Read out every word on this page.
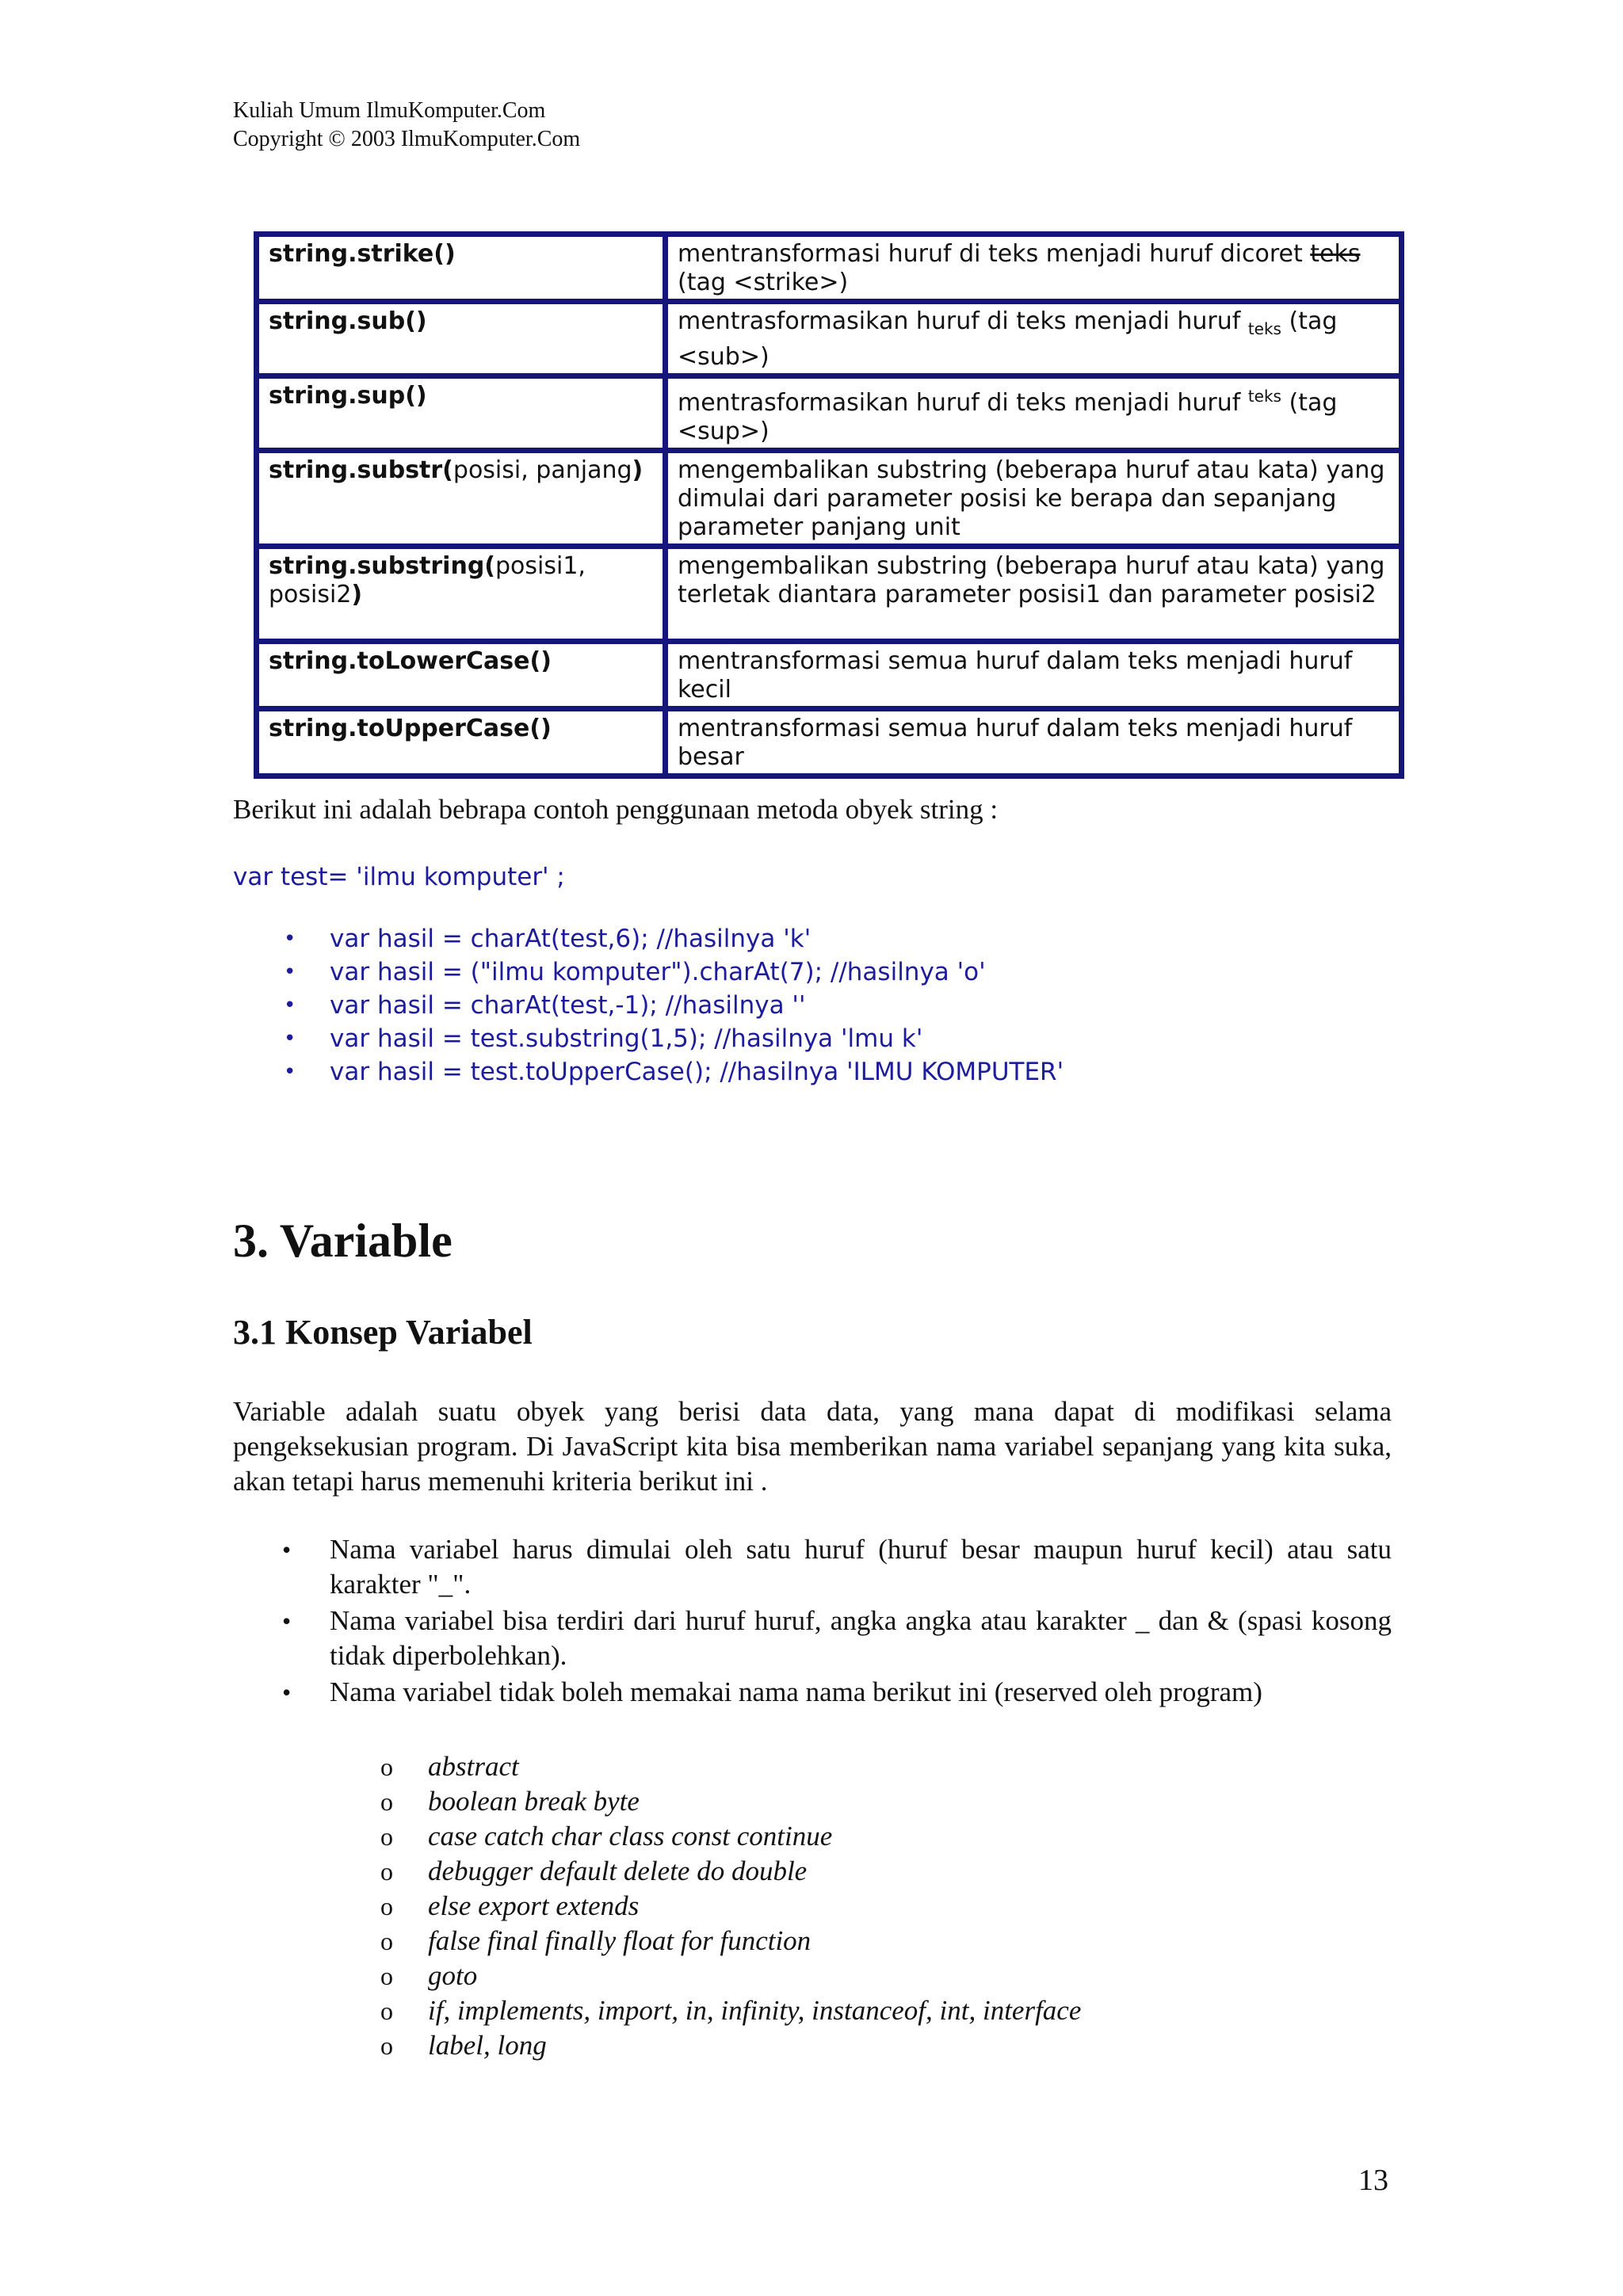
Kuliah Umum IlmuKomputer.Com
Copyright © 2003 IlmuKomputer.Com
string.strike()	mentransformasi huruf di teks menjadi huruf dicoret teks (tag <strike>)
string.sub()	mentrasformasikan huruf di teks menjadi huruf $_{teks}$ (tag <sub>)
string.sup()	mentrasformasikan huruf di teks menjadi huruf $^{teks}$ (tag <sup>)
string.substr(posisi, panjang)	mengembalikan substring (beberapa huruf atau kata) yang dimulai dari parameter posisi ke berapa dan sepanjang parameter panjang unit
string.substring(posisi1, posisi2)	mengembalikan substring (beberapa huruf atau kata) yang terletak diantara parameter posisi1 dan parameter posisi2
string.toLowerCase()	mentransformasi semua huruf dalam teks menjadi huruf kecil
string.toUpperCase()	mentransformasi semua huruf dalam teks menjadi huruf besar
Berikut ini adalah bebrapa contoh penggunaan metoda obyek string :
var test= 'ilmu komputer' ;
• var hasil = charAt(test,6); //hasilnya 'k'
• var hasil = ("ilmu komputer").charAt(7); //hasilnya 'o'
• var hasil = charAt(test,-1); //hasilnya ''
• var hasil = test.substring(1,5); //hasilnya 'lmu k'
• var hasil = test.toUpperCase(); //hasilnya 'ILMU KOMPUTER'
3. Variable
3.1 Konsep Variabel
Variable adalah suatu obyek yang berisi data data, yang mana dapat di modifikasi selama pengeksekusian program. Di JavaScript kita bisa memberikan nama variabel sepanjang yang kita suka, akan tetapi harus memenuhi kriteria berikut ini .
• Nama variabel harus dimulai oleh satu huruf (huruf besar maupun huruf kecil) atau satu karakter "_".
• Nama variabel bisa terdiri dari huruf huruf, angka angka atau karakter _ dan & (spasi kosong tidak diperbolehkan).
• Nama variabel tidak boleh memakai nama nama berikut ini (reserved oleh program)
o abstract
o boolean break byte
o case catch char class const continue
o debugger default delete do double
o else export extends
o false final finally float for function
o goto
o if, implements, import, in, infinity, instanceof, int, interface
o label, long
13
